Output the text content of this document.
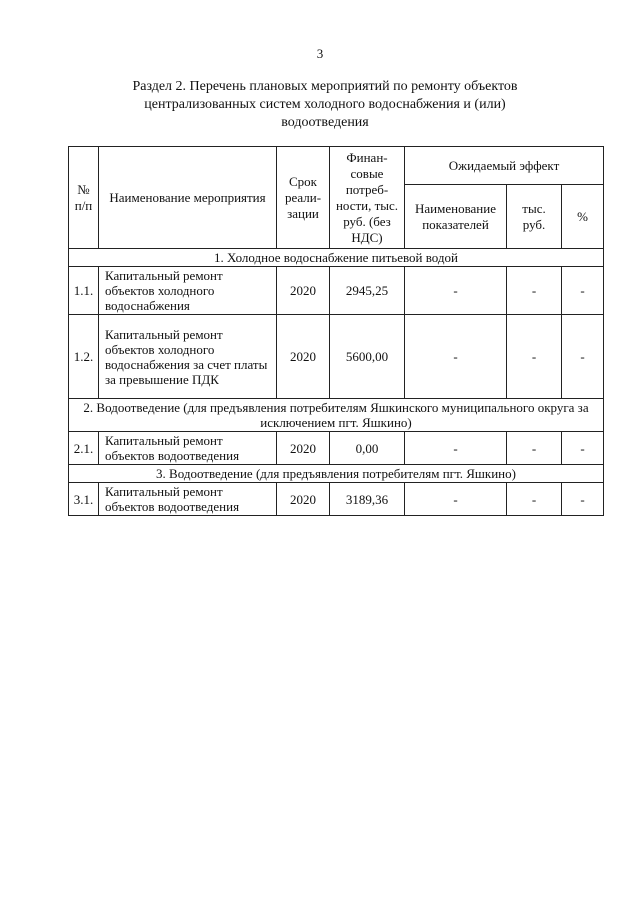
3
Раздел 2. Перечень плановых мероприятий по ремонту объектов
централизованных систем холодного водоснабжения и (или)
водоотведения
№ п/п	Наименование мероприятия	Срок реали-зации	Финан-совые потреб-ности, тыс. руб. (без НДС)	Ожидаемый эффект		
				Наименование показателей	тыс. руб.	%
1. Холодное водоснабжение питьевой водой						
1.1.	Капитальный ремонт объектов холодного водоснабжения	2020	2945,25	-	-	-
1.2.	Капитальный ремонт объектов холодного водоснабжения за счет платы за превышение ПДК	2020	5600,00	-	-	-
2. Водоотведение (для предъявления потребителям Яшкинского муниципального округа за исключением пгт. Яшкино)						
2.1.	Капитальный ремонт объектов водоотведения	2020	0,00	-	-	-
3. Водоотведение (для предъявления потребителям пгт. Яшкино)						
3.1.	Капитальный ремонт объектов водоотведения	2020	3189,36	-	-	-
